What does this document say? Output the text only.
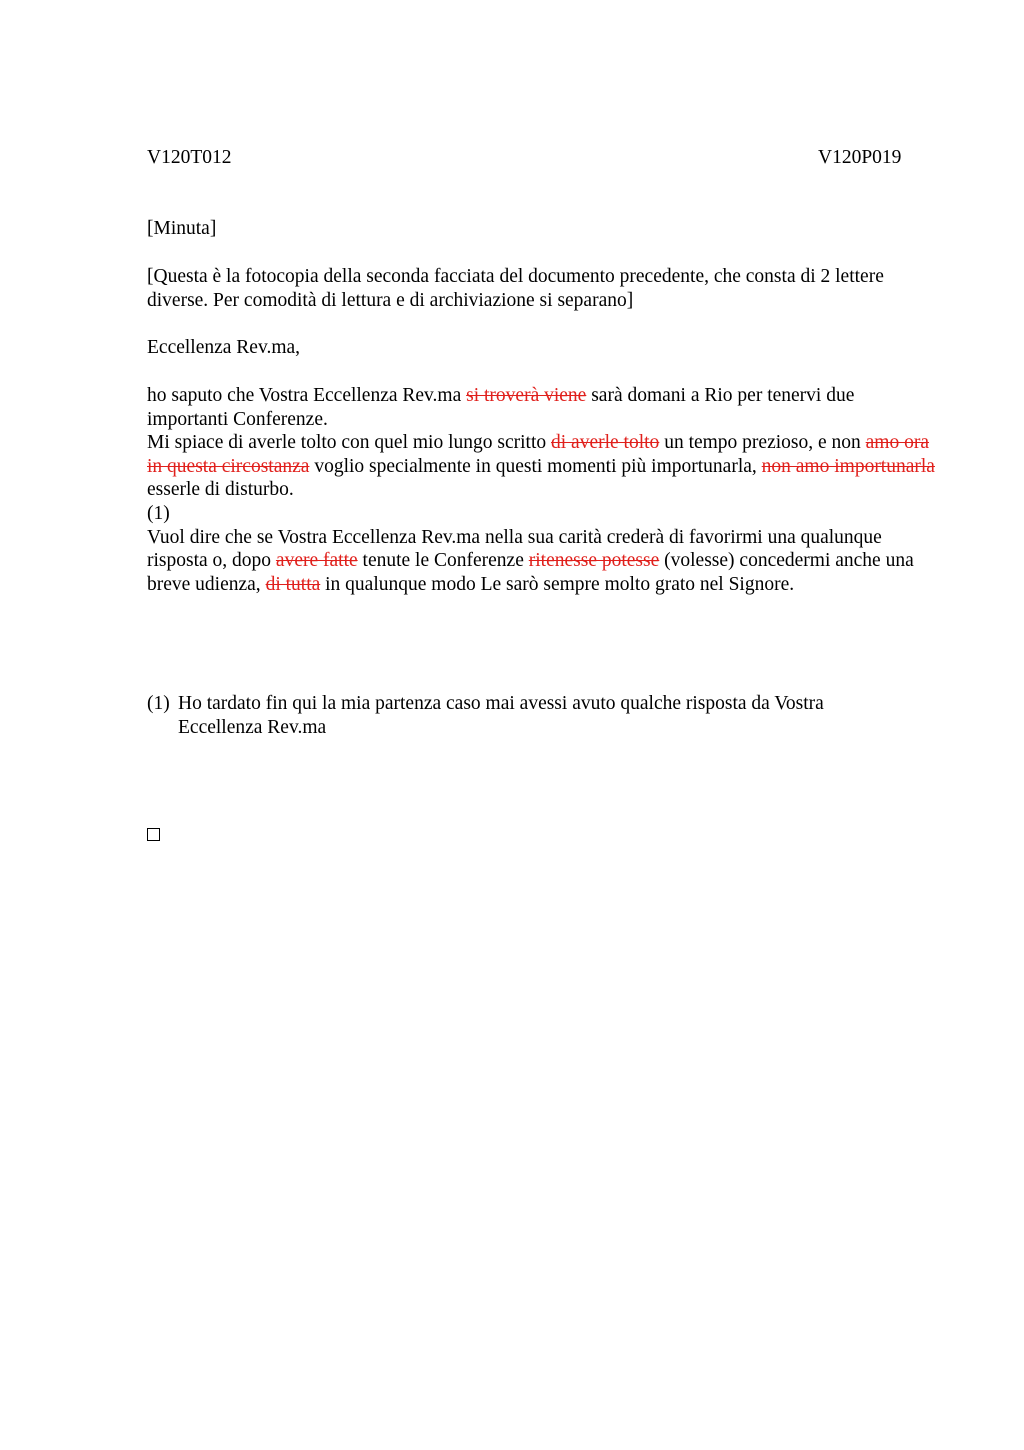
V120T012	V120P019
[Minuta]
[Questa è la fotocopia della seconda facciata del documento precedente, che consta di 2 lettere diverse. Per comodità di lettura e di archiviazione si separano]
Eccellenza Rev.ma,
ho saputo che Vostra Eccellenza Rev.ma si troverà viene sarà domani a Rio per tenervi due importanti Conferenze.
Mi spiace di averle tolto con quel mio lungo scritto di averle tolto un tempo prezioso, e non amo ora in questa circostanza voglio specialmente in questi momenti più importunarla, non amo importunarla esserle di disturbo.
(1)
Vuol dire che se Vostra Eccellenza Rev.ma nella sua carità crederà di favorirmi una qualunque risposta o, dopo avere fatte tenute le Conferenze ritenesse potesse (volesse) concedermi anche una breve udienza, di tutta in qualunque modo Le sarò sempre molto grato nel Signore.
(1) Ho tardato fin qui la mia partenza caso mai avessi avuto qualche risposta da Vostra Eccellenza Rev.ma
